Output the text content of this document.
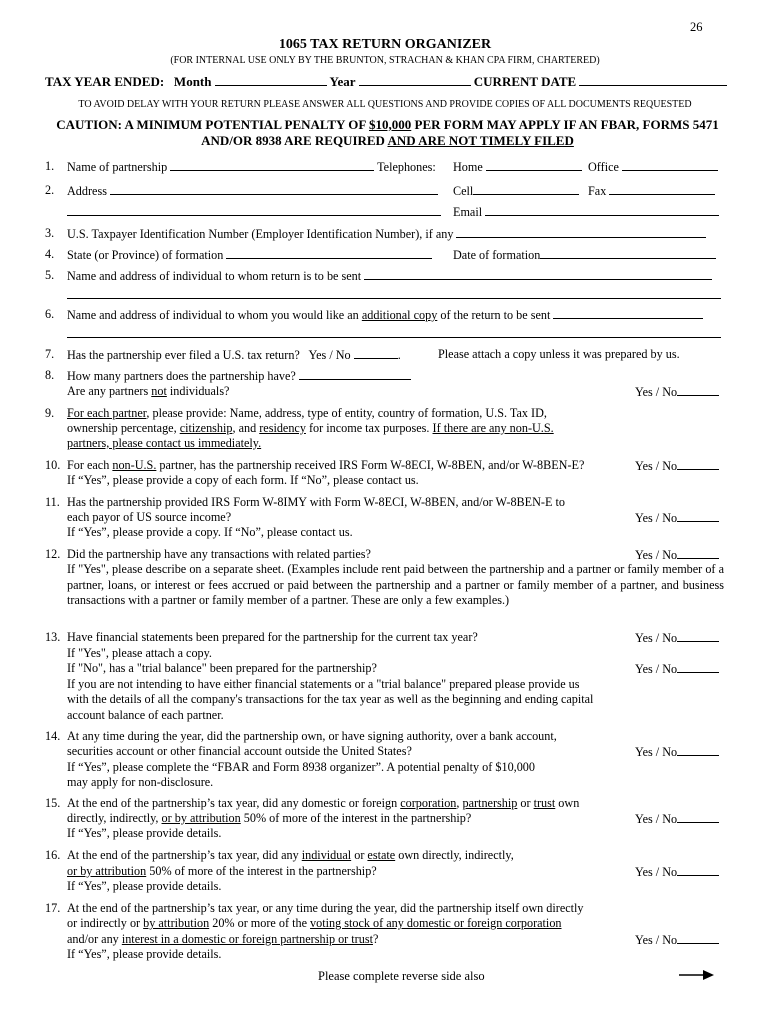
26
1065 TAX RETURN ORGANIZER
(FOR INTERNAL USE ONLY BY THE BRUNTON, STRACHAN & KHAN CPA FIRM, CHARTERED)
TAX YEAR ENDED: Month	Year	CURRENT DATE
TO AVOID DELAY WITH YOUR RETURN PLEASE ANSWER ALL QUESTIONS AND PROVIDE COPIES OF ALL DOCUMENTS REQUESTED
CAUTION: A MINIMUM POTENTIAL PENALTY OF $10,000 PER FORM MAY APPLY IF AN FBAR, FORMS 5471
AND/OR 8938 ARE REQUIRED AND ARE NOT TIMELY FILED
1. Name of partnership	Telephones: Home	Office
2. Address	Cell	Fax
Email
3. U.S. Taxpayer Identification Number (Employer Identification Number), if any
4. State (or Province) of formation	Date of formation
5. Name and address of individual to whom return is to be sent
6. Name and address of individual to whom you would like an additional copy of the return to be sent
7. Has the partnership ever filed a U.S. tax return? Yes / No	.	Please attach a copy unless it was prepared by us.
8. How many partners does the partnership have?
Are any partners not individuals?	Yes / No
9. For each partner, please provide: Name, address, type of entity, country of formation, U.S. Tax ID,
ownership percentage, citizenship, and residency for income tax purposes. If there are any non-U.S.
partners, please contact us immediately.
10. For each non-U.S. partner, has the partnership received IRS Form W-8ECI, W-8BEN, and/or W-8BEN-E?	Yes / No
If “Yes”, please provide a copy of each form. If “No”, please contact us.
11. Has the partnership provided IRS Form W-8IMY with Form W-8ECI, W-8BEN, and/or W-8BEN-E to
each payor of US source income?	Yes / No
If “Yes”, please provide a copy. If “No”, please contact us.
12. Did the partnership have any transactions with related parties?	Yes / No
If "Yes", please describe on a separate sheet. (Examples include rent paid between the partnership and a partner or family member of a partner, loans, or interest or fees accrued or paid between the partnership and a partner or family member of a partner, and business transactions with a partner or family member of a partner. These are only a few examples.)
13. Have financial statements been prepared for the partnership for the current tax year?	Yes / No
If "Yes", please attach a copy.
If "No", has a "trial balance" been prepared for the partnership?	Yes / No
If you are not intending to have either financial statements or a "trial balance" prepared please provide us
with the details of all the company's transactions for the tax year as well as the beginning and ending capital
account balance of each partner.
14. At any time during the year, did the partnership own, or have signing authority, over a bank account,
securities account or other financial account outside the United States?	Yes / No
If “Yes”, please complete the “FBAR and Form 8938 organizer”. A potential penalty of $10,000
may apply for non-disclosure.
15. At the end of the partnership’s tax year, did any domestic or foreign corporation, partnership or trust own
directly, indirectly, or by attribution 50% of more of the interest in the partnership?	Yes / No
If “Yes”, please provide details.
16. At the end of the partnership’s tax year, did any individual or estate own directly, indirectly,
or by attribution 50% of more of the interest in the partnership?	Yes / No
If “Yes”, please provide details.
17. At the end of the partnership’s tax year, or any time during the year, did the partnership itself own directly
or indirectly or by attribution 20% or more of the voting stock of any domestic or foreign corporation
and/or any interest in a domestic or foreign partnership or trust?	Yes / No
If “Yes”, please provide details.
Please complete reverse side also
